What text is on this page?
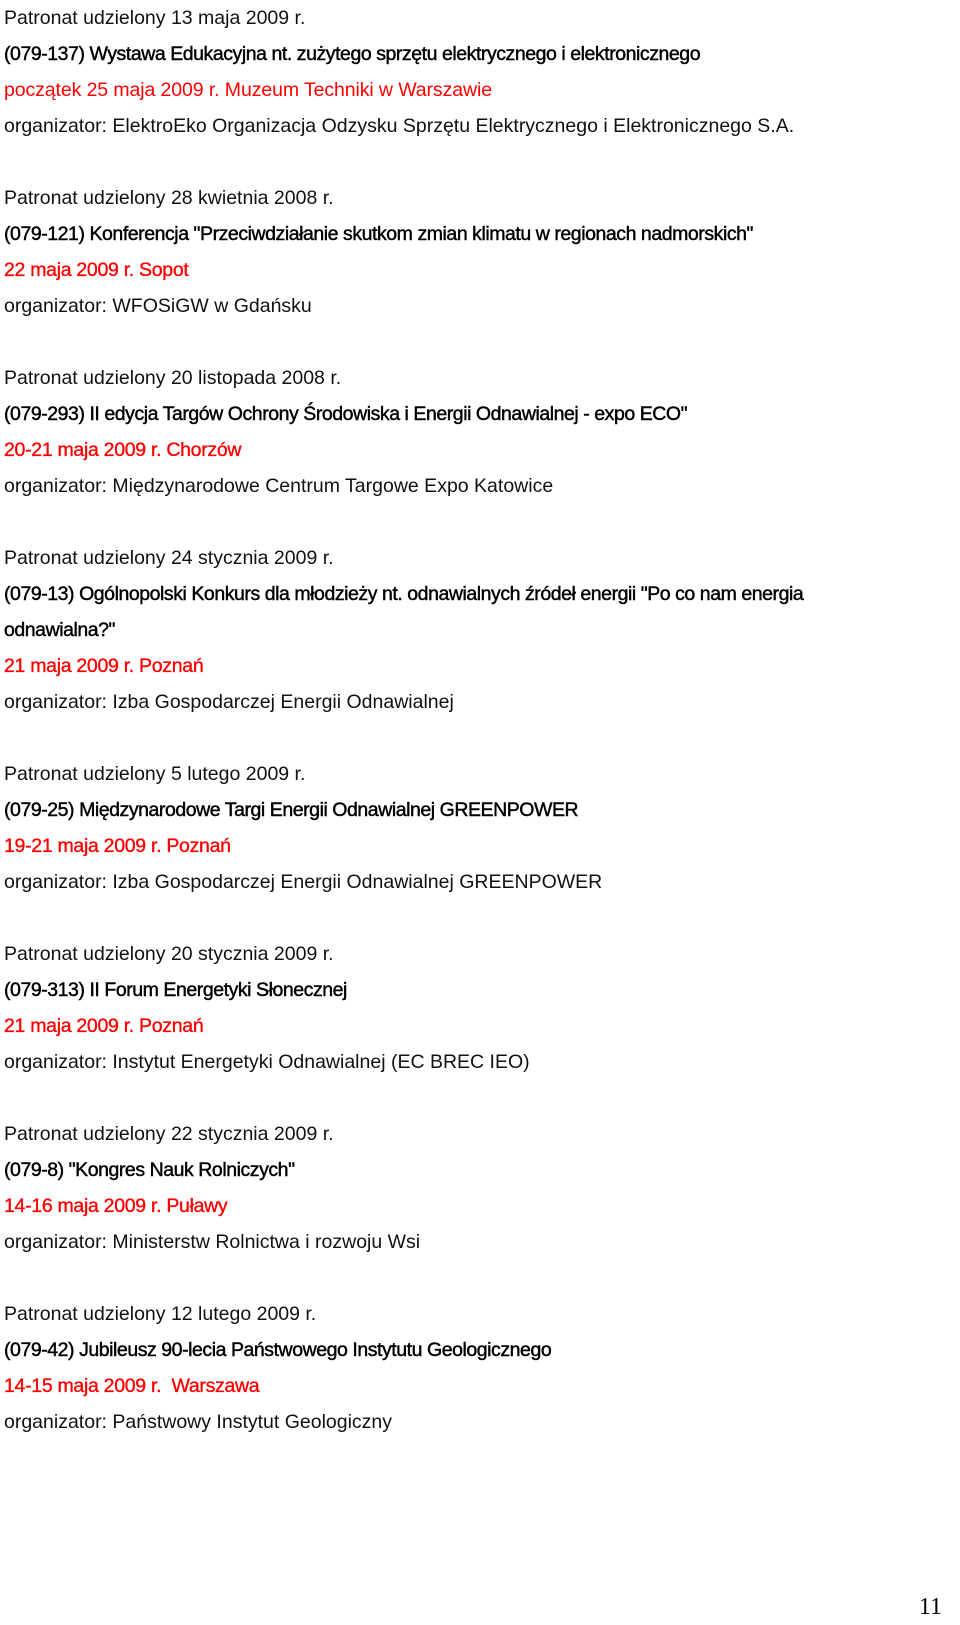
Patronat udzielony 13 maja 2009 r.
(079-137) Wystawa Edukacyjna nt. zużytego sprzętu elektrycznego i elektronicznego
początek 25 maja 2009 r. Muzeum Techniki w Warszawie
organizator: ElektroEko Organizacja Odzysku Sprzętu Elektrycznego i Elektronicznego S.A.
Patronat udzielony 28 kwietnia 2008 r.
(079-121) Konferencja "Przeciwdziałanie skutkom zmian klimatu w regionach nadmorskich"
22 maja 2009 r. Sopot
organizator: WFOSiGW w Gdańsku
Patronat udzielony 20 listopada 2008 r.
(079-293) II edycja Targów Ochrony Środowiska i Energii Odnawialnej - expo ECO"
20-21 maja 2009 r. Chorzów
organizator: Międzynarodowe Centrum Targowe Expo Katowice
Patronat udzielony 24 stycznia 2009 r.
(079-13) Ogólnopolski Konkurs dla młodzieży nt. odnawialnych źródeł energii "Po co nam energia odnawialna?"
21 maja 2009 r. Poznań
organizator: Izba Gospodarczej Energii Odnawialnej
Patronat udzielony 5 lutego 2009 r.
(079-25) Międzynarodowe Targi Energii Odnawialnej GREENPOWER
19-21 maja 2009 r. Poznań
organizator: Izba Gospodarczej Energii Odnawialnej GREENPOWER
Patronat udzielony 20 stycznia 2009 r.
(079-313) II Forum Energetyki Słonecznej
21 maja 2009 r. Poznań
organizator: Instytut Energetyki Odnawialnej (EC BREC IEO)
Patronat udzielony 22 stycznia 2009 r.
(079-8) "Kongres Nauk Rolniczych"
14-16 maja 2009 r. Puławy
organizator: Ministerstw Rolnictwa i rozwoju Wsi
Patronat udzielony 12 lutego 2009 r.
(079-42) Jubileusz 90-lecia Państwowego Instytutu Geologicznego
14-15 maja 2009 r.  Warszawa
organizator: Państwowy Instytut Geologiczny
11
